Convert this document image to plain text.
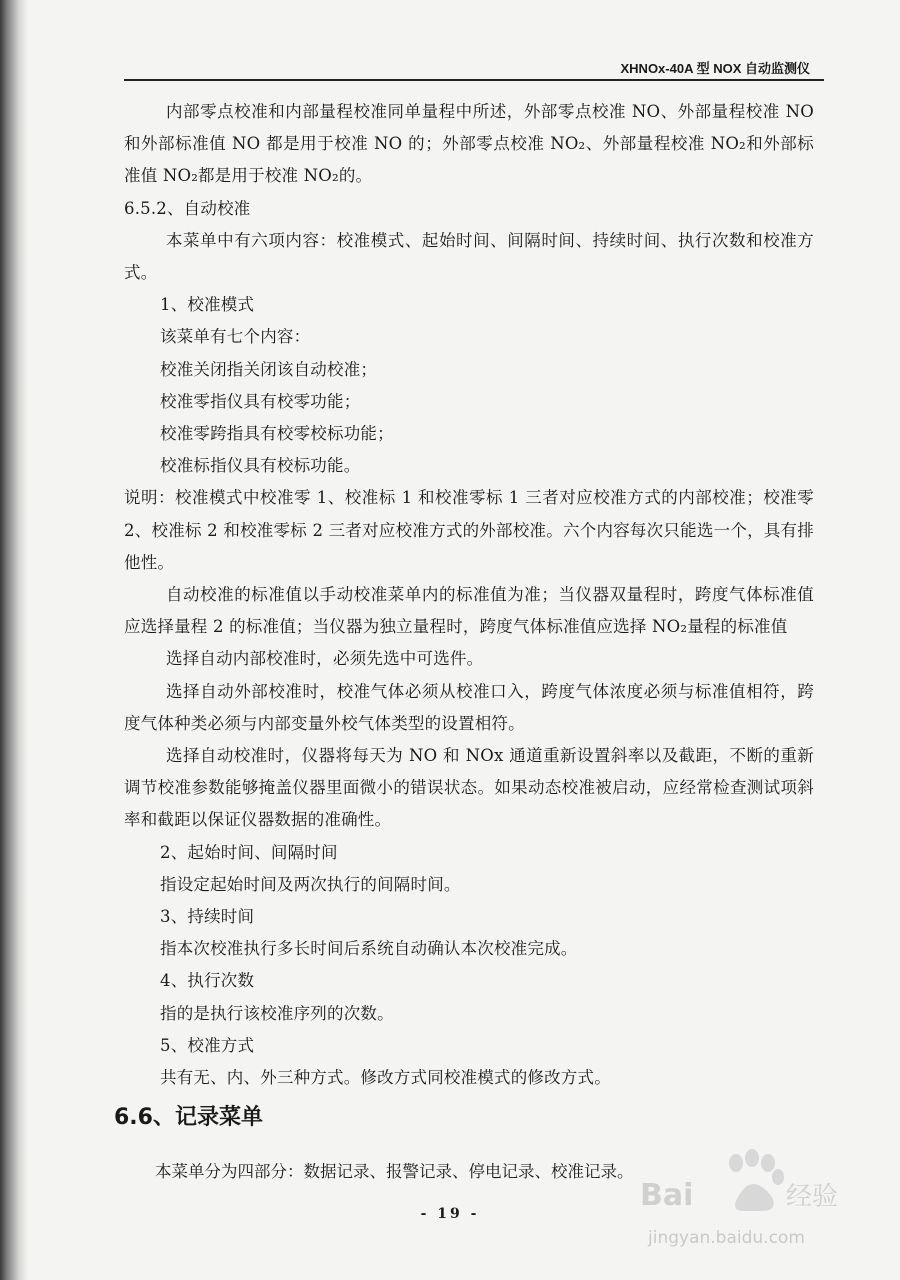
XHNOx-40A 型 NOX 自动监测仪

内部零点校准和内部量程校准同单量程中所述，外部零点校准 NO、外部量程校准 NO 和外部标准值 NO 都是用于校准 NO 的；外部零点校准 NO₂、外部量程校准 NO₂和外部标准值 NO₂都是用于校准 NO₂的。

6.5.2、自动校准

本菜单中有六项内容：校准模式、起始时间、间隔时间、持续时间、执行次数和校准方式。

1、校准模式

该菜单有七个内容：

校准关闭指关闭该自动校准；

校准零指仪具有校零功能；

校准零跨指具有校零校标功能；

校准标指仪具有校标功能。

说明：校准模式中校准零 1、校准标 1 和校准零标 1 三者对应校准方式的内部校准；校准零 2、校准标 2 和校准零标 2 三者对应校准方式的外部校准。六个内容每次只能选一个，具有排他性。

自动校准的标准值以手动校准菜单内的标准值为准；当仪器双量程时，跨度气体标准值应选择量程 2 的标准值；当仪器为独立量程时，跨度气体标准值应选择 NO₂量程的标准值

选择自动内部校准时，必须先选中可选件。

选择自动外部校准时，校准气体必须从校准口入，跨度气体浓度必须与标准值相符，跨度气体种类必须与内部变量外校气体类型的设置相符。

选择自动校准时，仪器将每天为 NO 和 NOx 通道重新设置斜率以及截距，不断的重新调节校准参数能够掩盖仪器里面微小的错误状态。如果动态校准被启动，应经常检查测试项斜率和截距以保证仪器数据的准确性。

2、起始时间、间隔时间

指设定起始时间及两次执行的间隔时间。

3、持续时间

指本次校准执行多长时间后系统自动确认本次校准完成。

4、执行次数

指的是执行该校准序列的次数。

5、校准方式

共有无、内、外三种方式。修改方式同校准模式的修改方式。

6.6、记录菜单
本菜单分为四部分：数据记录、报警记录、停电记录、校准记录。
- 19 -
Bai	经验
jingyan.baidu.com
